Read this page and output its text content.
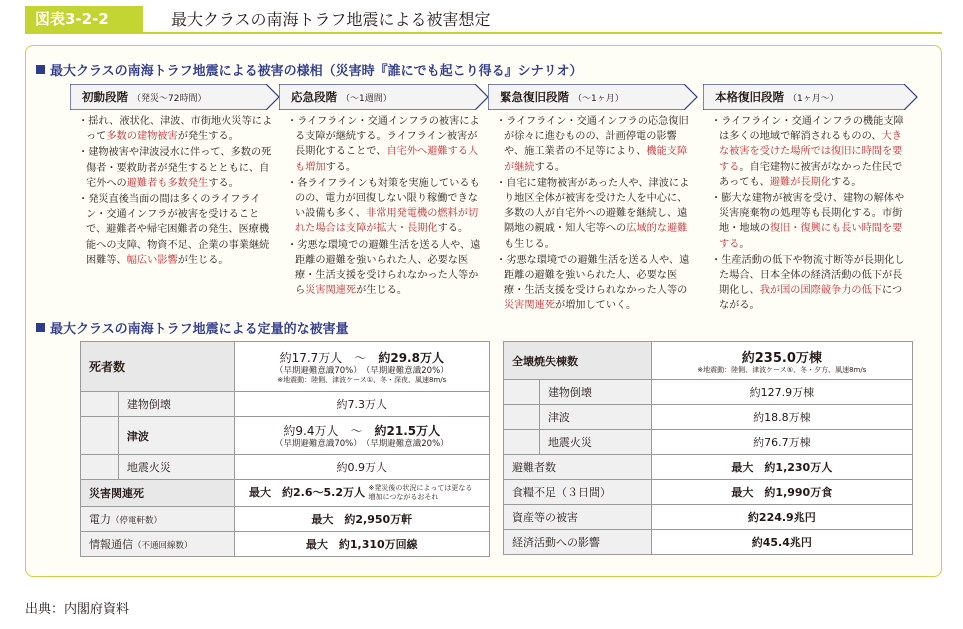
図表3-2-2	最大クラスの南海トラフ地震による被害想定
最大クラスの南海トラフ地震による被害の様相（災害時『誰にでも起こり得る』シナリオ）
初動段階 （発災〜72時間）	応急段階 （〜1週間）	緊急復旧段階 （〜1ヶ月）	本格復旧段階 （1ヶ月〜）
・ 揺れ、液状化、津波、市街地火災等によって多数の建物被害が発生する。
・ 建物被害や津波浸水に伴って、多数の死傷者・要救助者が発生するとともに、自宅外への避難者も多数発生する。
・ 発災直後当面の間は多くのライフライン・交通インフラが被害を受けることで、避難者や帰宅困難者の発生、医療機能への支障、物資不足、企業の事業継続困難等、幅広い影響が生じる。
・ ライフライン・交通インフラの被害による支障が継続する。ライフライン被害が長期化することで、自宅外へ避難する人も増加する。
・ 各ライフラインも対策を実施しているものの、電力が回復しない限り稼働できない設備も多く、非常用発電機の燃料が切れた場合は支障が拡大・長期化する。
・ 劣悪な環境での避難生活を送る人や、遠距離の避難を強いられた人、必要な医療・生活支援を受けられなかった人等から災害関連死が生じる。
・ ライフライン・交通インフラの応急復旧が徐々に進むものの、計画停電の影響や、施工業者の不足等により、機能支障が継続する。
・ 自宅に建物被害があった人や、津波により地区全体が被害を受けた人を中心に、多数の人が自宅外への避難を継続し、遠隔地の親戚・知人宅等への広域的な避難も生じる。
・ 劣悪な環境での避難生活を送る人や、遠距離の避難を強いられた人、必要な医療・生活支援を受けられなかった人等の災害関連死が増加していく。
・ ライフライン・交通インフラの機能支障は多くの地域で解消されるものの、大きな被害を受けた場所では復旧に時間を要する。自宅建物に被害がなかった住民であっても、避難が長期化する。
・ 膨大な建物が被害を受け、建物の解体や災害廃棄物の処理等も長期化する。市街地・地域の復旧・復興にも長い時間を要する。
・ 生産活動の低下や物流寸断等が長期化した場合、日本全体の経済活動の低下が長期化し、我が国の国際競争力の低下につながる。
最大クラスの南海トラフ地震による定量的な被害量
死者数		約17.7万人　 〜　 約29.8万人
（早期避難意識70%）　 （早期避難意識20%）
※地震動：陸側、津波ケース①、冬・深夜、風速8m/s

	建物倒壊	約7.3万人
	津波	約9.4万人　 〜　 約21.5万人
（早期避難意識70%）　 （早期避難意識20%）

	地震火災	約0.9万人
災害関連死		最大　約2.6〜5.2万人 ※発災後の状況によっては更なる増加につながるおそれ
電力（停電軒数）		最大　約2,950万軒
情報通信（不通回線数）		最大　約1,310万回線
全壊焼失棟数		約235.0万棟
※地震動：陸側、津波ケース⑤、冬・夕方、風速8m/s

	建物倒壊	約127.9万棟
	津波	約18.8万棟
	地震火災	約76.7万棟
避難者数		最大　約1,230万人
食糧不足（３日間）		最大　約1,990万食
資産等の被害		約224.9兆円
経済活動への影響		約45.4兆円
出典：内閣府資料
